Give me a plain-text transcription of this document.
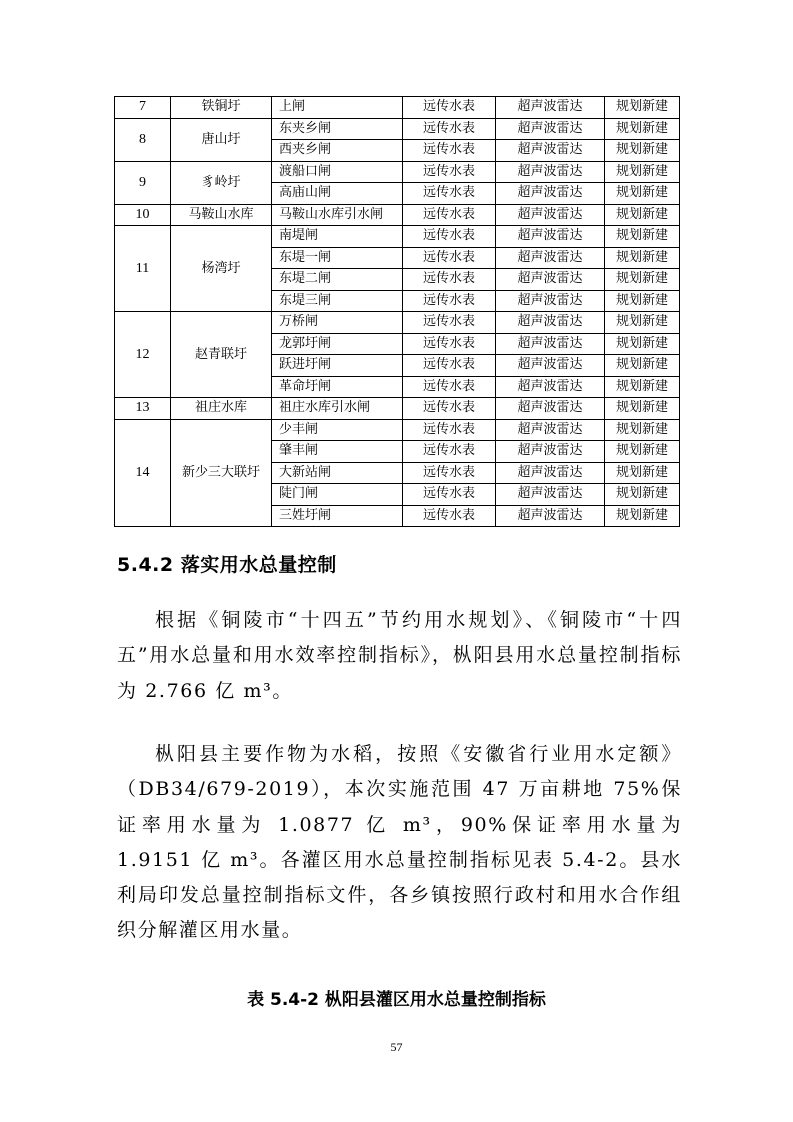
7	铁铜圩	上闸	远传水表	超声波雷达	规划新建
8	唐山圩	东夹乡闸	远传水表	超声波雷达	规划新建
		西夹乡闸	远传水表	超声波雷达	规划新建
9	豸岭圩	渡船口闸	远传水表	超声波雷达	规划新建
		高庙山闸	远传水表	超声波雷达	规划新建
10	马鞍山水库	马鞍山水库引水闸	远传水表	超声波雷达	规划新建
11	杨湾圩	南堤闸	远传水表	超声波雷达	规划新建
		东堤一闸	远传水表	超声波雷达	规划新建
		东堤二闸	远传水表	超声波雷达	规划新建
		东堤三闸	远传水表	超声波雷达	规划新建
12	赵青联圩	万桥闸	远传水表	超声波雷达	规划新建
		龙郭圩闸	远传水表	超声波雷达	规划新建
		跃进圩闸	远传水表	超声波雷达	规划新建
		革命圩闸	远传水表	超声波雷达	规划新建
13	祖庄水库	祖庄水库引水闸	远传水表	超声波雷达	规划新建
14	新少三大联圩	少丰闸	远传水表	超声波雷达	规划新建
		肇丰闸	远传水表	超声波雷达	规划新建
		大新站闸	远传水表	超声波雷达	规划新建
		陡门闸	远传水表	超声波雷达	规划新建
		三姓圩闸	远传水表	超声波雷达	规划新建
5.4.2 落实用水总量控制

根据《铜陵市“十四五”节约用水规划》、《铜陵市“十四五”用水总量和用水效率控制指标》，枞阳县用水总量控制指标为 2.766 亿 m³。

枞阳县主要作物为水稻，按照《安徽省行业用水定额》（DB34/679-2019），本次实施范围 47 万亩耕地 75%保证率用水量为 1.0877 亿 m³，90%保证率用水量为 1.9151 亿 m³。各灌区用水总量控制指标见表 5.4-2。县水利局印发总量控制指标文件，各乡镇按照行政村和用水合作组织分解灌区用水量。

表 5.4-2 枞阳县灌区用水总量控制指标
57
